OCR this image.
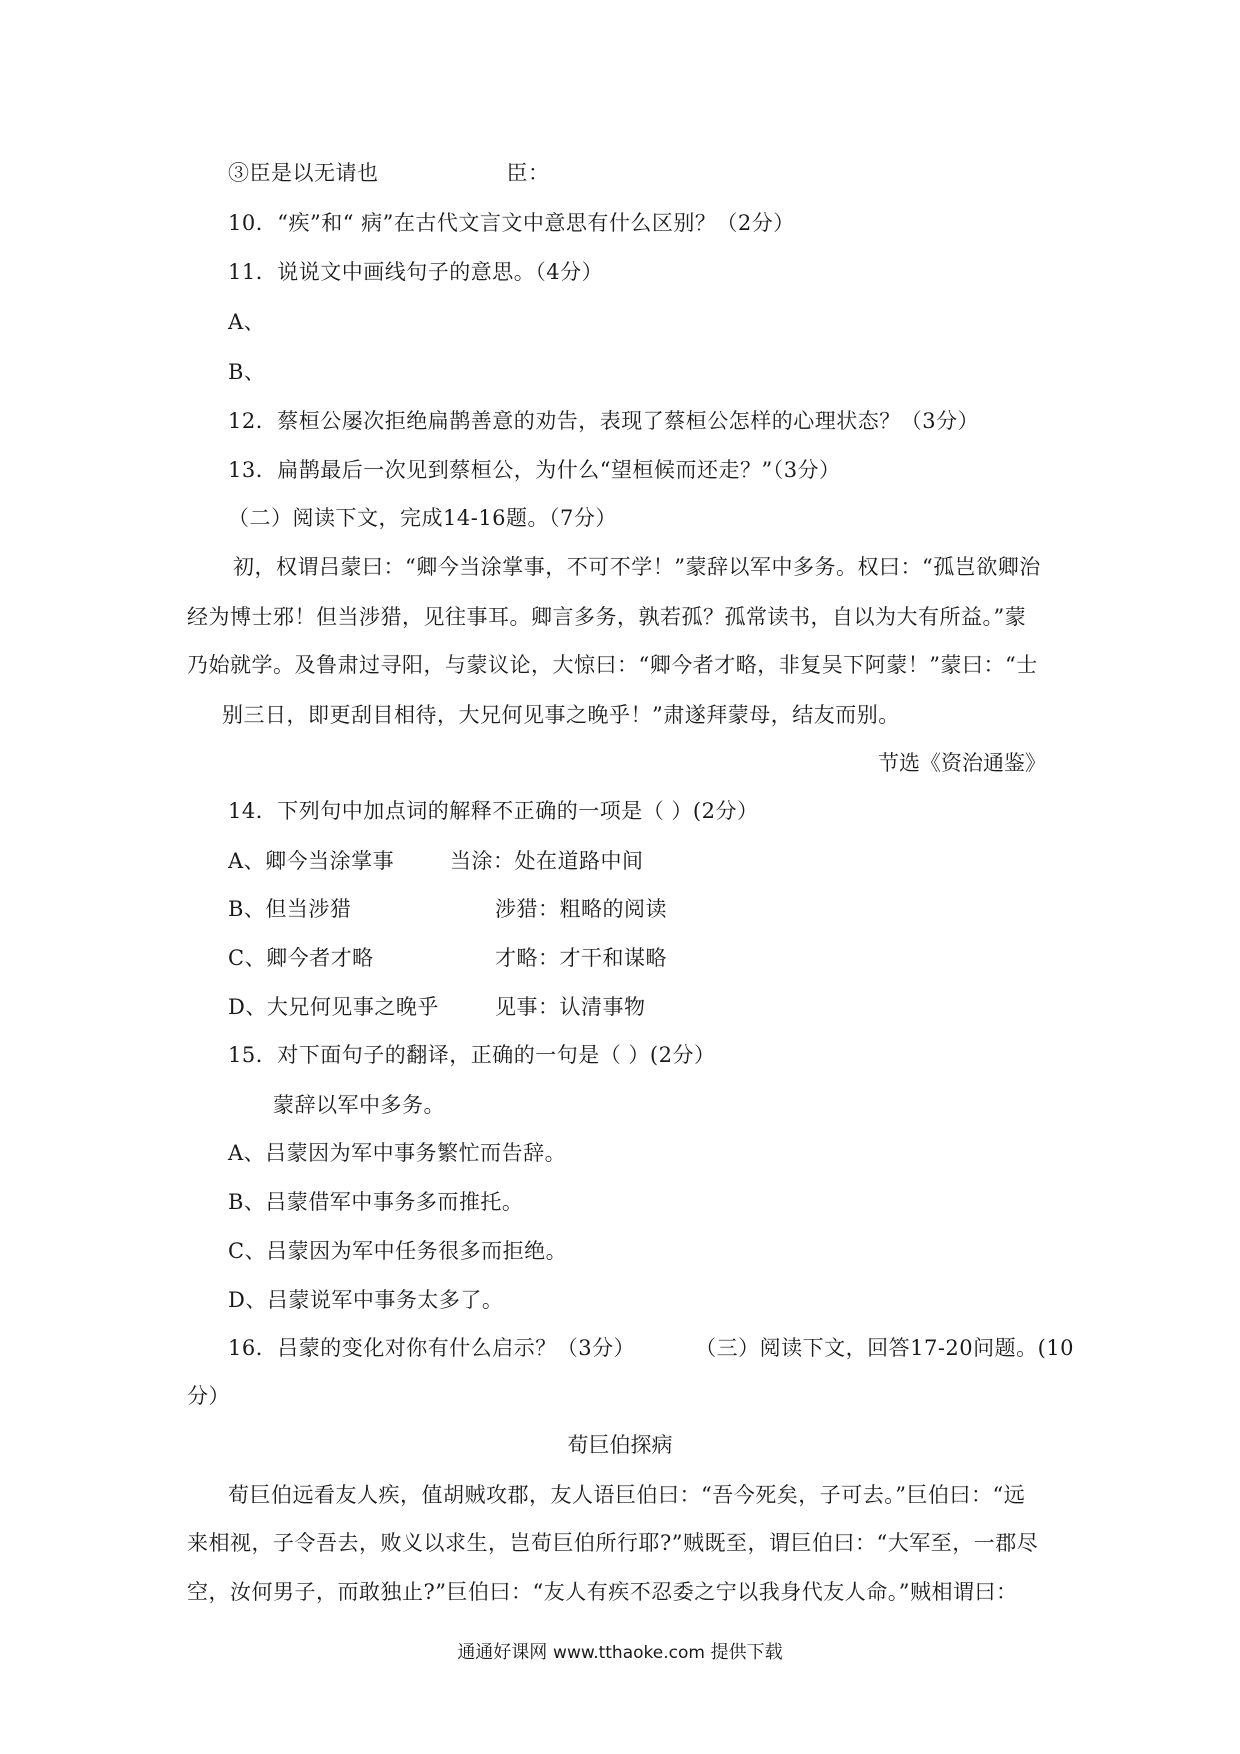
③臣是以无请也	臣：
10．“疾”和“ 病”在古代文言文中意思有什么区别？（2分）
11．说说文中画线句子的意思。（4分）
A、
B、
12．蔡桓公屡次拒绝扁鹊善意的劝告，表现了蔡桓公怎样的心理状态？（3分）
13．扁鹊最后一次见到蔡桓公，为什么“望桓候而还走？”（3分）
（二）阅读下文，完成14-16题。（7分）
初，权谓吕蒙曰：“卿今当涂掌事，不可不学！”蒙辞以军中多务。权曰：“孤岂欲卿治
经为博士邪！但当涉猎，见往事耳。卿言多务，孰若孤？孤常读书，自以为大有所益。”蒙
乃始就学。及鲁肃过寻阳，与蒙议论，大惊曰：“卿今者才略，非复吴下阿蒙！”蒙曰：“士
别三日，即更刮目相待，大兄何见事之晚乎！”肃遂拜蒙母，结友而别。
节选《资治通鉴》
14．下列句中加点词的解释不正确的一项是（ ）(2分）
A、卿今当涂掌事	当涂：处在道路中间
B、但当涉猎	涉猎：粗略的阅读
C、卿今者才略	才略：才干和谋略
D、大兄何见事之晚乎	见事：认清事物
15．对下面句子的翻译，正确的一句是（ ）(2分）
蒙辞以军中多务。
A、吕蒙因为军中事务繁忙而告辞。
B、吕蒙借军中事务多而推托。
C、吕蒙因为军中任务很多而拒绝。
D、吕蒙说军中事务太多了。
16．吕蒙的变化对你有什么启示？（3分）	（三）阅读下文，回答17-20问题。(10
分）
荀巨伯探病
荀巨伯远看友人疾，值胡贼攻郡，友人语巨伯曰：“吾今死矣，子可去。”巨伯曰：“远
来相视，子令吾去，败义以求生，岂荀巨伯所行耶?”贼既至，谓巨伯曰：“大军至，一郡尽
空，汝何男子，而敢独止?”巨伯曰：“友人有疾不忍委之宁以我身代友人命。”贼相谓曰：
通通好课网 www.tthaoke.com 提供下载
